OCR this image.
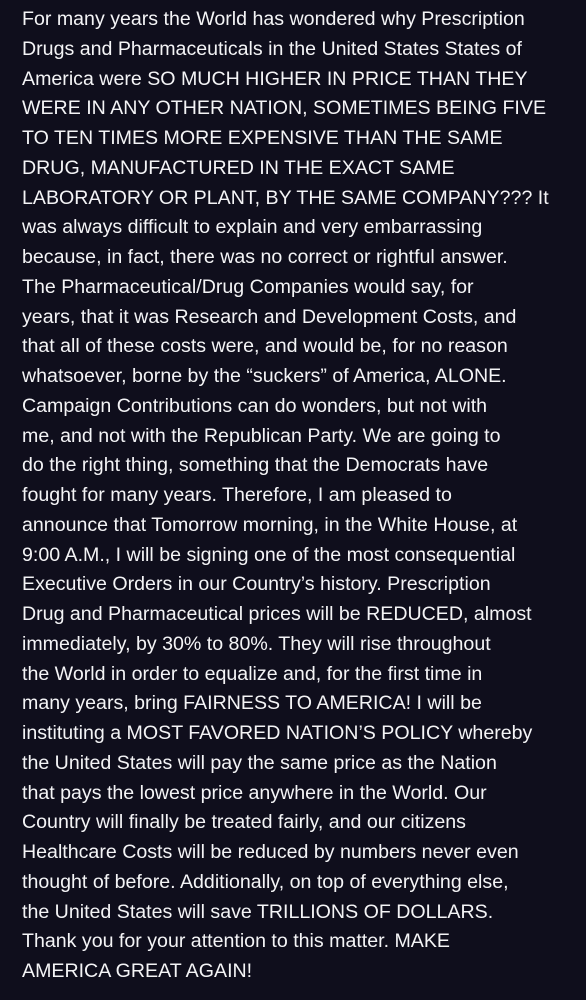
For many years the World has wondered why Prescription
Drugs and Pharmaceuticals in the United States States of
America were SO MUCH HIGHER IN PRICE THAN THEY
WERE IN ANY OTHER NATION, SOMETIMES BEING FIVE
TO TEN TIMES MORE EXPENSIVE THAN THE SAME
DRUG, MANUFACTURED IN THE EXACT SAME
LABORATORY OR PLANT, BY THE SAME COMPANY??? It
was always difficult to explain and very embarrassing
because, in fact, there was no correct or rightful answer.
The Pharmaceutical/Drug Companies would say, for
years, that it was Research and Development Costs, and
that all of these costs were, and would be, for no reason
whatsoever, borne by the “suckers” of America, ALONE.
Campaign Contributions can do wonders, but not with
me, and not with the Republican Party. We are going to
do the right thing, something that the Democrats have
fought for many years. Therefore, I am pleased to
announce that Tomorrow morning, in the White House, at
9:00 A.M., I will be signing one of the most consequential
Executive Orders in our Country’s history. Prescription
Drug and Pharmaceutical prices will be REDUCED, almost
immediately, by 30% to 80%. They will rise throughout
the World in order to equalize and, for the first time in
many years, bring FAIRNESS TO AMERICA! I will be
instituting a MOST FAVORED NATION’S POLICY whereby
the United States will pay the same price as the Nation
that pays the lowest price anywhere in the World. Our
Country will finally be treated fairly, and our citizens
Healthcare Costs will be reduced by numbers never even
thought of before. Additionally, on top of everything else,
the United States will save TRILLIONS OF DOLLARS.
Thank you for your attention to this matter. MAKE
AMERICA GREAT AGAIN!
